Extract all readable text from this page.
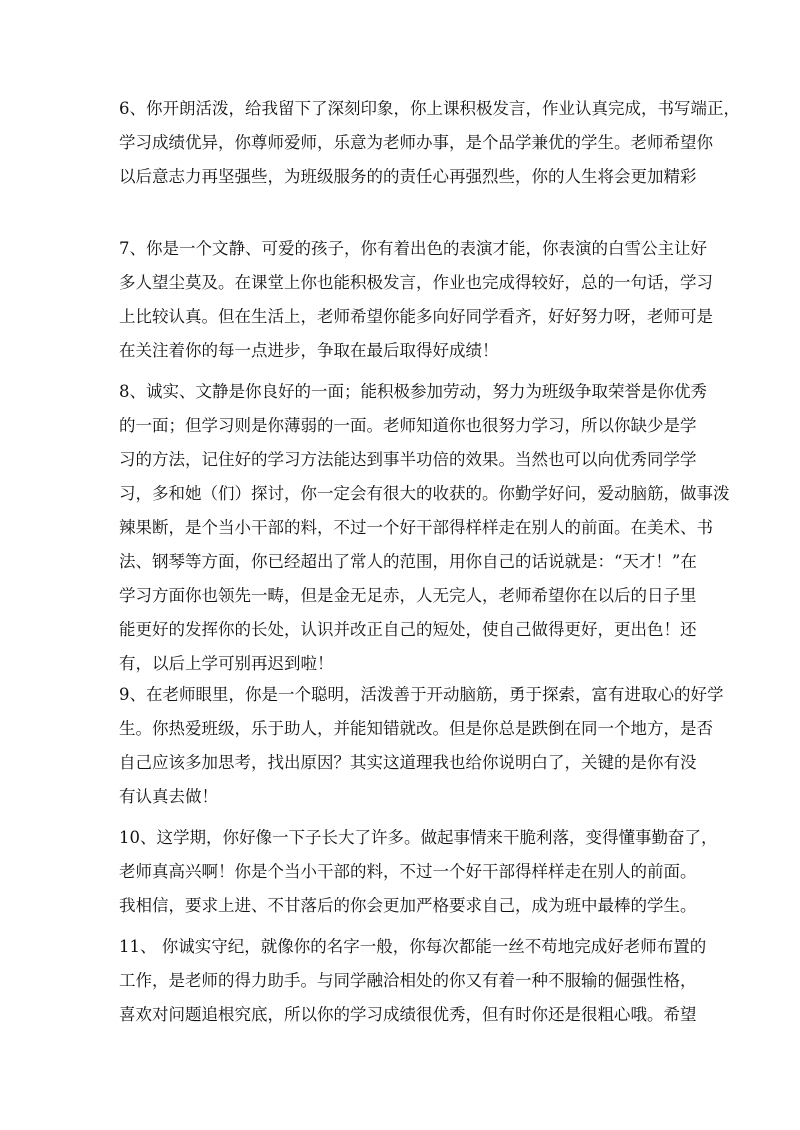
6、你开朗活泼，给我留下了深刻印象，你上课积极发言，作业认真完成，书写端正，
学习成绩优异，你尊师爱师，乐意为老师办事，是个品学兼优的学生。老师希望你
以后意志力再坚强些，为班级服务的的责任心再强烈些，你的人生将会更加精彩
7、你是一个文静、可爱的孩子，你有着出色的表演才能，你表演的白雪公主让好
多人望尘莫及。在课堂上你也能积极发言，作业也完成得较好，总的一句话，学习
上比较认真。但在生活上，老师希望你能多向好同学看齐，好好努力呀，老师可是
在关注着你的每一点进步，争取在最后取得好成绩！
8、诚实、文静是你良好的一面；能积极参加劳动，努力为班级争取荣誉是你优秀
的一面；但学习则是你薄弱的一面。老师知道你也很努力学习，所以你缺少是学
习的方法，记住好的学习方法能达到事半功倍的效果。当然也可以向优秀同学学
习，多和她（们）探讨，你一定会有很大的收获的。你勤学好问，爱动脑筋，做事泼
辣果断，是个当小干部的料，不过一个好干部得样样走在别人的前面。在美术、书
法、钢琴等方面，你已经超出了常人的范围，用你自己的话说就是：“天才！”在
学习方面你也领先一畴，但是金无足赤，人无完人，老师希望你在以后的日子里
能更好的发挥你的长处，认识并改正自己的短处，使自己做得更好，更出色！还
有，以后上学可别再迟到啦！
9、在老师眼里，你是一个聪明，活泼善于开动脑筋，勇于探索，富有进取心的好学
生。你热爱班级，乐于助人，并能知错就改。但是你总是跌倒在同一个地方，是否
自己应该多加思考，找出原因？其实这道理我也给你说明白了，关键的是你有没
有认真去做！
10、这学期，你好像一下子长大了许多。做起事情来干脆利落，变得懂事勤奋了，
老师真高兴啊！你是个当小干部的料，不过一个好干部得样样走在别人的前面。
我相信，要求上进、不甘落后的你会更加严格要求自己，成为班中最棒的学生。
11、 你诚实守纪，就像你的名字一般，你每次都能一丝不苟地完成好老师布置的
工作，是老师的得力助手。与同学融洽相处的你又有着一种不服输的倔强性格，
喜欢对问题追根究底，所以你的学习成绩很优秀，但有时你还是很粗心哦。希望
